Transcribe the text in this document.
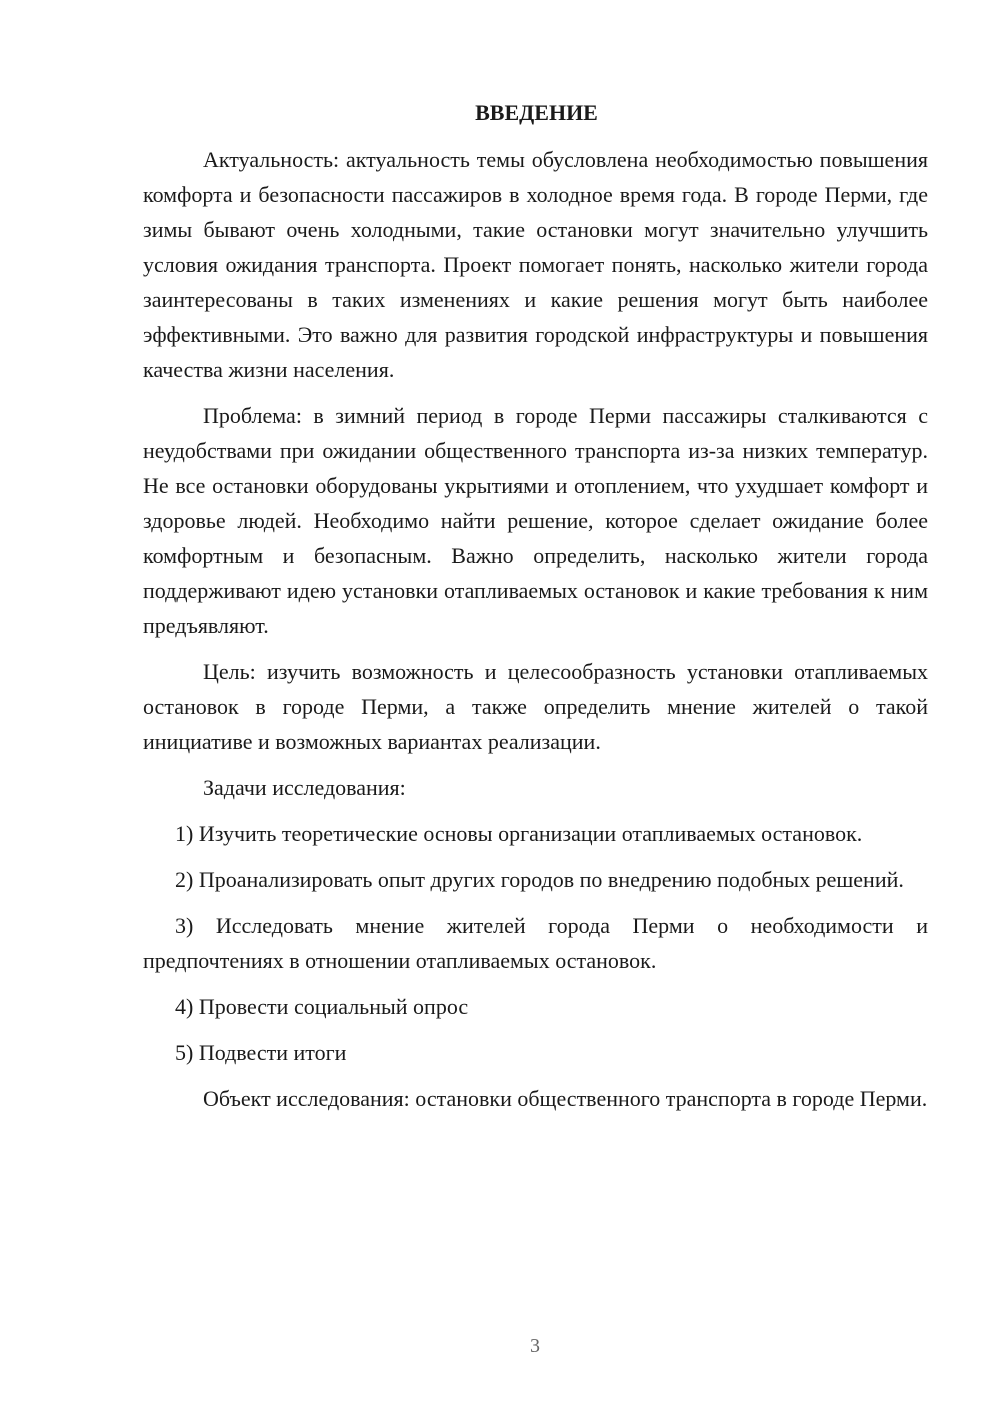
ВВЕДЕНИЕ

Актуальность: актуальность темы обусловлена необходимостью повышения комфорта и безопасности пассажиров в холодное время года. В городе Перми, где зимы бывают очень холодными, такие остановки могут значительно улучшить условия ожидания транспорта. Проект помогает понять, насколько жители города заинтересованы в таких изменениях и какие решения могут быть наиболее эффективными. Это важно для развития городской инфраструктуры и повышения качества жизни населения.

Проблема: в зимний период в городе Перми пассажиры сталкиваются с неудобствами при ожидании общественного транспорта из-за низких температур. Не все остановки оборудованы укрытиями и отоплением, что ухудшает комфорт и здоровье людей. Необходимо найти решение, которое сделает ожидание более комфортным и безопасным. Важно определить, насколько жители города поддерживают идею установки отапливаемых остановок и какие требования к ним предъявляют.

Цель: изучить возможность и целесообразность установки отапливаемых остановок в городе Перми, а также определить мнение жителей о такой инициативе и возможных вариантах реализации.

Задачи исследования:

1) Изучить теоретические основы организации отапливаемых остановок.

2) Проанализировать опыт других городов по внедрению подобных решений.

3) Исследовать мнение жителей города Перми о необходимости и предпочтениях в отношении отапливаемых остановок.

4) Провести социальный опрос

5) Подвести итоги

Объект исследования: остановки общественного транспорта в городе Перми.

3
